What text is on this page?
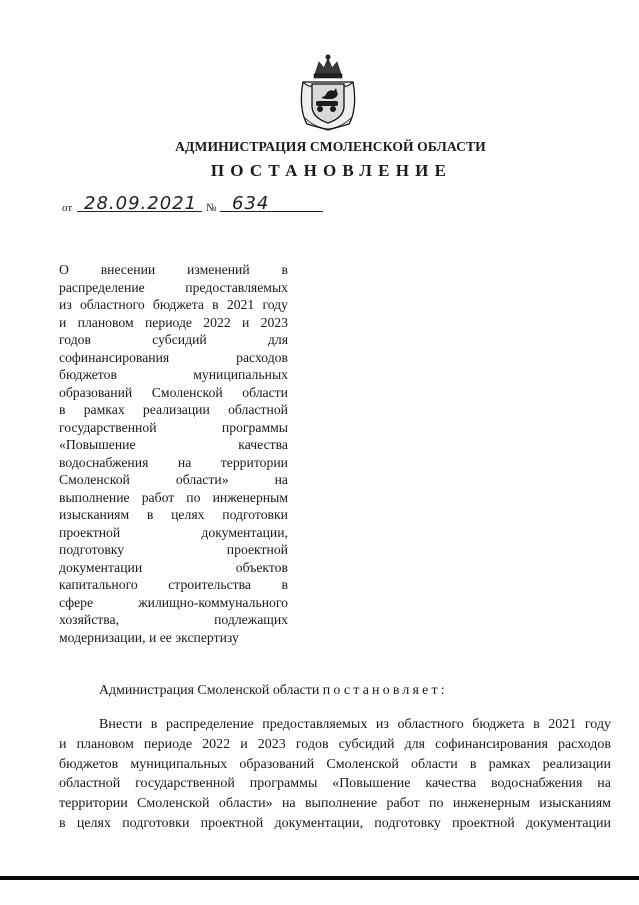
АДМИНИСТРАЦИЯ СМОЛЕНСКОЙ ОБЛАСТИ
ПОСТАНОВЛЕНИЕ
от 28.09.2021 № 634
О внесении изменений в
распределение предоставляемых
из областного бюджета в 2021 году
и плановом периоде 2022 и 2023
годов субсидий для
софинансирования расходов
бюджетов муниципальных
образований Смоленской области
в рамках реализации областной
государственной программы
«Повышение качества
водоснабжения на территории
Смоленской области» на
выполнение работ по инженерным
изысканиям в целях подготовки
проектной документации,
подготовку проектной
документации объектов
капитального строительства в
сфере жилищно-коммунального
хозяйства, подлежащих
модернизации, и ее экспертизу
Администрация Смоленской области постановляет:
Внести в распределение предоставляемых из областного бюджета в 2021 году
и плановом периоде 2022 и 2023 годов субсидий для софинансирования расходов
бюджетов муниципальных образований Смоленской области в рамках реализации
областной государственной программы «Повышение качества водоснабжения на
территории Смоленской области» на выполнение работ по инженерным изысканиям
в целях подготовки проектной документации, подготовку проектной документации
